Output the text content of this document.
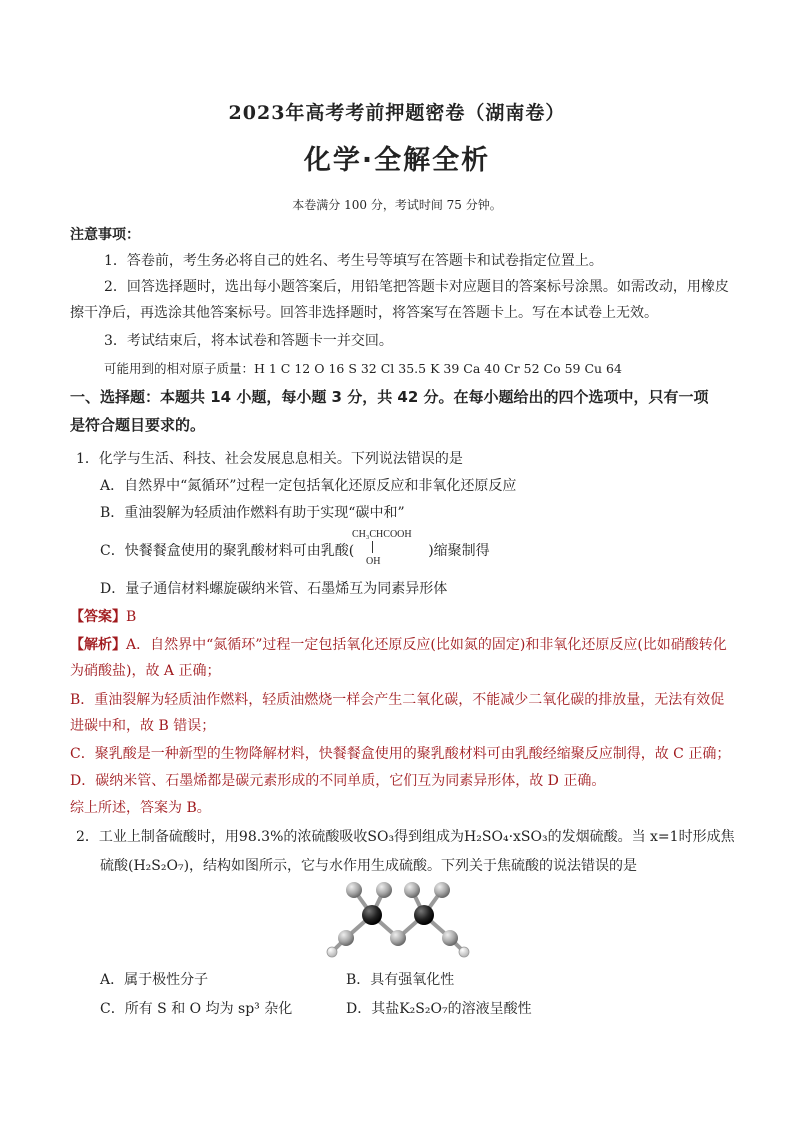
2023年高考考前押题密卷（湖南卷）
化学·全解全析
本卷满分 100 分，考试时间 75 分钟。
注意事项：
1．答卷前，考生务必将自己的姓名、考生号等填写在答题卡和试卷指定位置上。
2．回答选择题时，选出每小题答案后，用铅笔把答题卡对应题目的答案标号涂黑。如需改动，用橡皮
擦干净后，再选涂其他答案标号。回答非选择题时，将答案写在答题卡上。写在本试卷上无效。
3．考试结束后，将本试卷和答题卡一并交回。
可能用到的相对原子质量：H 1 C 12 O 16 S 32 Cl 35.5 K 39 Ca 40 Cr 52 Co 59 Cu 64
一、选择题：本题共 14 小题，每小题 3 分，共 42 分。在每小题给出的四个选项中，只有一项
是符合题目要求的。
1．化学与生活、科技、社会发展息息相关。下列说法错误的是
A．自然界中“氮循环”过程一定包括氧化还原反应和非氧化还原反应
B．重油裂解为轻质油作燃料有助于实现“碳中和”
C．快餐餐盒使用的聚乳酸材料可由乳酸(	)缩聚制得
CH₃CHCOOH
OH
D．量子通信材料螺旋碳纳米管、石墨烯互为同素异形体
【答案】B
【解析】A．自然界中“氮循环”过程一定包括氧化还原反应(比如氮的固定)和非氧化还原反应(比如硝酸转化
为硝酸盐)，故 A 正确；
B．重油裂解为轻质油作燃料，轻质油燃烧一样会产生二氧化碳，不能减少二氧化碳的排放量，无法有效促
进碳中和，故 B 错误；
C．聚乳酸是一种新型的生物降解材料，快餐餐盒使用的聚乳酸材料可由乳酸经缩聚反应制得，故 C 正确；
D．碳纳米管、石墨烯都是碳元素形成的不同单质，它们互为同素异形体，故 D 正确。
综上所述，答案为 B。
2．工业上制备硫酸时，用98.3%的浓硫酸吸收SO₃得到组成为H₂SO₄·xSO₃的发烟硫酸。当 x=1时形成焦
硫酸(H₂S₂O₇)，结构如图所示，它与水作用生成硫酸。下列关于焦硫酸的说法错误的是
A．属于极性分子	B．具有强氧化性
C．所有 S 和 O 均为 sp³ 杂化	D．其盐K₂S₂O₇的溶液呈酸性
